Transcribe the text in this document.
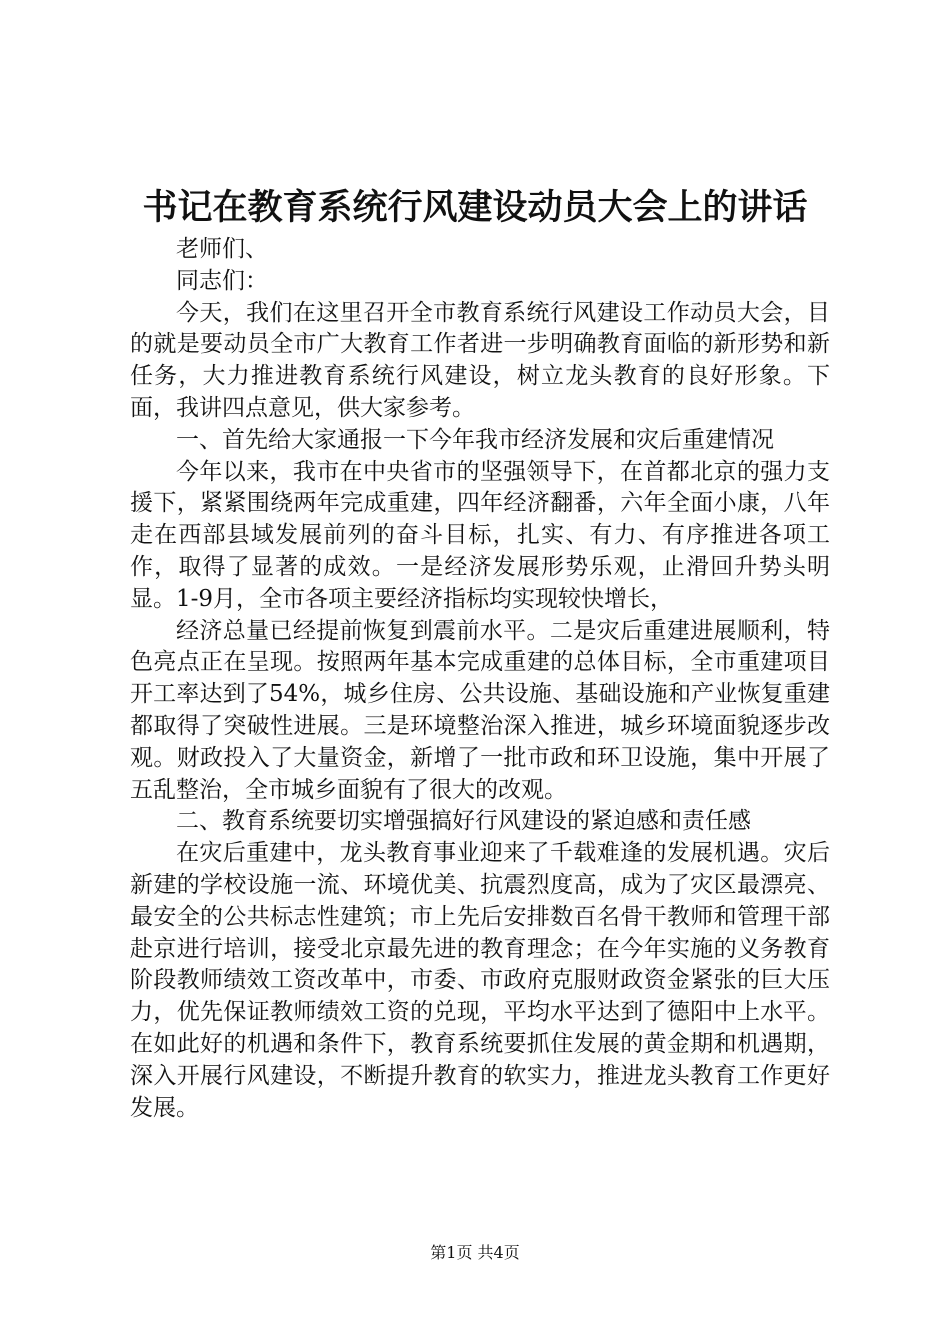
书记在教育系统行风建设动员大会上的讲话

老师们、

同志们：

今天，我们在这里召开全市教育系统行风建设工作动员大会，目的就是要动员全市广大教育工作者进一步明确教育面临的新形势和新任务，大力推进教育系统行风建设，树立龙头教育的良好形象。下面，我讲四点意见，供大家参考。

一、首先给大家通报一下今年我市经济发展和灾后重建情况

今年以来，我市在中央省市的坚强领导下，在首都北京的强力支援下，紧紧围绕两年完成重建，四年经济翻番，六年全面小康，八年走在西部县域发展前列的奋斗目标，扎实、有力、有序推进各项工作，取得了显著的成效。一是经济发展形势乐观，止滑回升势头明显。1-9月，全市各项主要经济指标均实现较快增长，

经济总量已经提前恢复到震前水平。二是灾后重建进展顺利，特色亮点正在呈现。按照两年基本完成重建的总体目标，全市重建项目开工率达到了54%，城乡住房、公共设施、基础设施和产业恢复重建都取得了突破性进展。三是环境整治深入推进，城乡环境面貌逐步改观。财政投入了大量资金，新增了一批市政和环卫设施，集中开展了五乱整治，全市城乡面貌有了很大的改观。

二、教育系统要切实增强搞好行风建设的紧迫感和责任感

在灾后重建中，龙头教育事业迎来了千载难逢的发展机遇。灾后新建的学校设施一流、环境优美、抗震烈度高，成为了灾区最漂亮、最安全的公共标志性建筑；市上先后安排数百名骨干教师和管理干部赴京进行培训，接受北京最先进的教育理念；在今年实施的义务教育阶段教师绩效工资改革中，市委、市政府克服财政资金紧张的巨大压力，优先保证教师绩效工资的兑现，平均水平达到了德阳中上水平。在如此好的机遇和条件下，教育系统要抓住发展的黄金期和机遇期，深入开展行风建设，不断提升教育的软实力，推进龙头教育工作更好发展。

第1页 共4页
